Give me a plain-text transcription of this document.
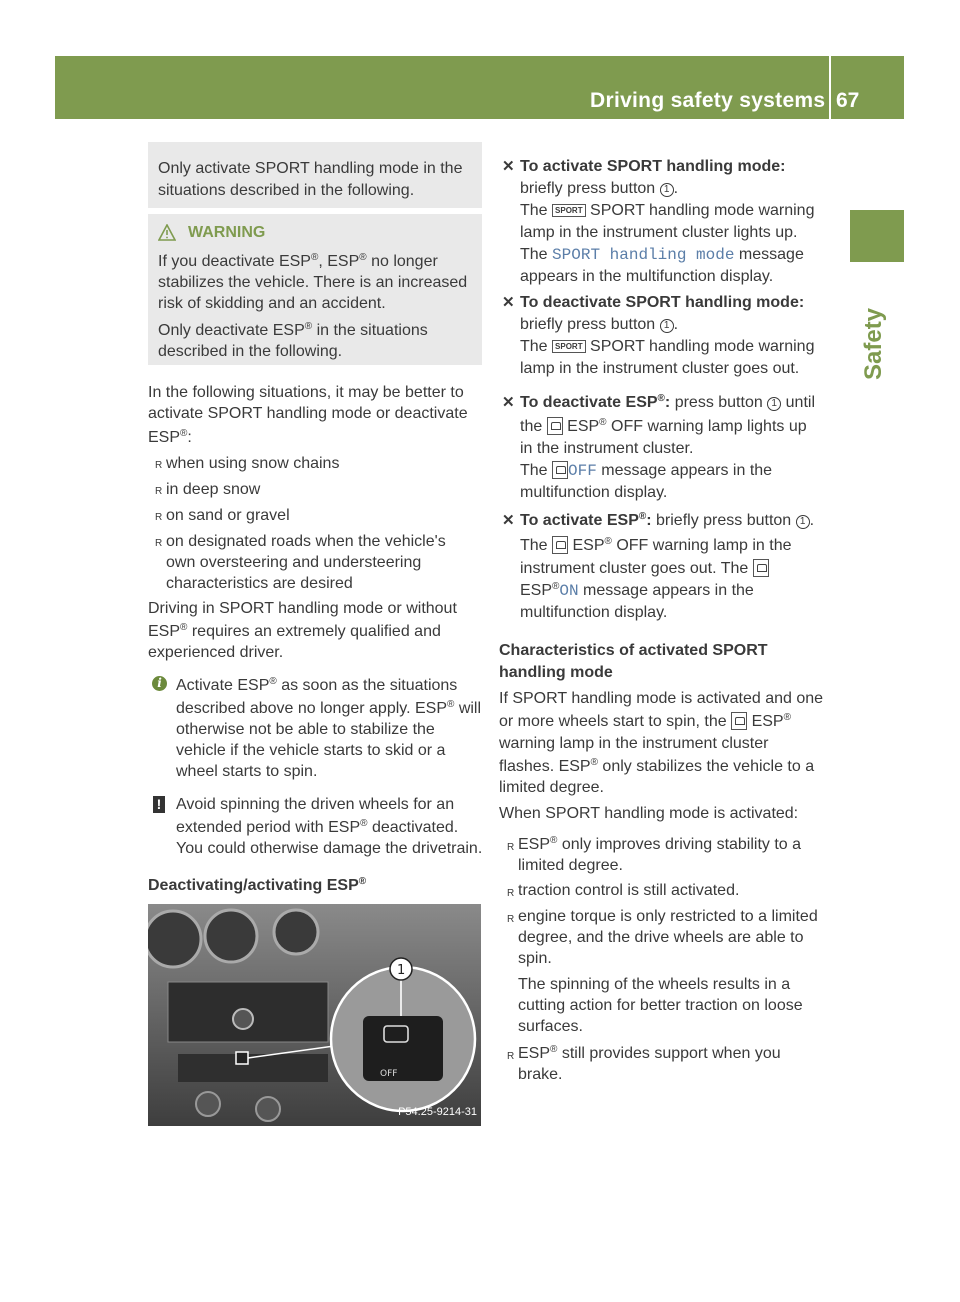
Driving safety systems 67
Safety
Only activate SPORT handling mode in the
situations described in the following.
WARNING
If you deactivate ESP®, ESP® no longer
stabilizes the vehicle. There is an increased
risk of skidding and an accident.
Only deactivate ESP® in the situations
described in the following.
In the following situations, it may be better to
activate SPORT handling mode or deactivate
ESP®:
R when using snow chains
R in deep snow
R on sand or gravel
R on designated roads when the vehicle's
own oversteering and understeering
characteristics are desired
Driving in SPORT handling mode or without
ESP® requires an extremely qualified and
experienced driver.
i Activate ESP® as soon as the situations
described above no longer apply. ESP® will
otherwise not be able to stabilize the
vehicle if the vehicle starts to skid or a
wheel starts to spin.
! Avoid spinning the driven wheels for an
extended period with ESP® deactivated.
You could otherwise damage the drivetrain.
Deactivating/activating ESP®
OFF
1
P54.25-9214-31
✕ To activate SPORT handling mode:
briefly press button 1 .
The SPORT SPORT handling mode warning
lamp in the instrument cluster lights up.
The SPORT handling mode message
appears in the multifunction display.
✕ To deactivate SPORT handling mode:
briefly press button 1 .
The SPORT SPORT handling mode warning
lamp in the instrument cluster goes out.
✕ To deactivate ESP®: press button 1 until
the ESP® OFF warning lamp lights up
in the instrument cluster.
The OFF message appears in the
multifunction display.
✕ To activate ESP®: briefly press button 1 .
The ESP® OFF warning lamp in the
instrument cluster goes out. The
ESP®ON message appears in the
multifunction display.
Characteristics of activated SPORT
handling mode
If SPORT handling mode is activated and one
or more wheels start to spin, the ESP®
warning lamp in the instrument cluster
flashes. ESP® only stabilizes the vehicle to a
limited degree.
When SPORT handling mode is activated:
R ESP® only improves driving stability to a
limited degree.
R traction control is still activated.
R engine torque is only restricted to a limited
degree, and the drive wheels are able to
spin.
The spinning of the wheels results in a
cutting action for better traction on loose
surfaces.
R ESP® still provides support when you
brake.
